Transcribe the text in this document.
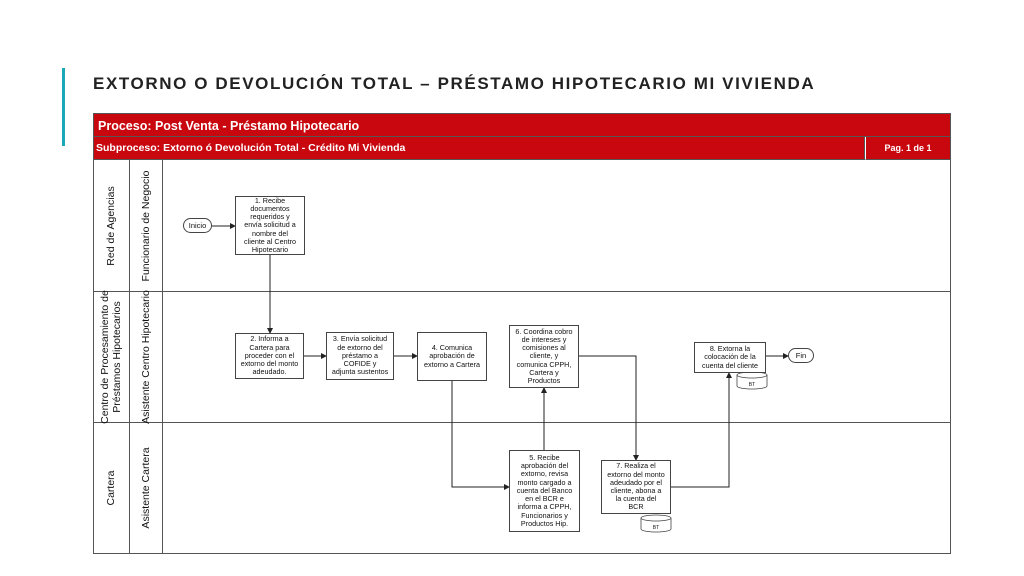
EXTORNO O DEVOLUCIÓN TOTAL – PRÉSTAMO HIPOTECARIO MI VIVIENDA
Proceso: Post Venta - Préstamo Hipotecario
Subproceso: Extorno ó Devolución Total - Crédito Mi Vivienda	Pag. 1 de 1
Red de Agencias Funcionario de Negocio
Centro de Procesamiento de
Préstamos Hipotecarios Asistente Centro Hipotecario
Cartera Asistente Cartera
BT
BT
Inicio
Fin
1. Recibe
documentos
requeridos y
envía solicitud a
nombre del
cliente al Centro
Hipotecario
2. Informa a
Cartera para
proceder con el
extorno del monto
adeudado.
3. Envía solicitud
de extorno del
préstamo a
COFIDE y
adjunta sustentos
4. Comunica
aprobación de
extorno a Cartera
5. Recibe
aprobación del
extorno, revisa
monto cargado a
cuenta del Banco
en el BCR e
informa a CPPH,
Funcionarios y
Productos Hip.
6. Coordina cobro
de intereses y
comisiones al
cliente, y
comunica CPPH,
Cartera y
Productos
7. Realiza el
extorno del monto
adeudado por el
cliente, abona a
la cuenta del
BCR
8. Extorna la
colocación de la
cuenta del cliente
